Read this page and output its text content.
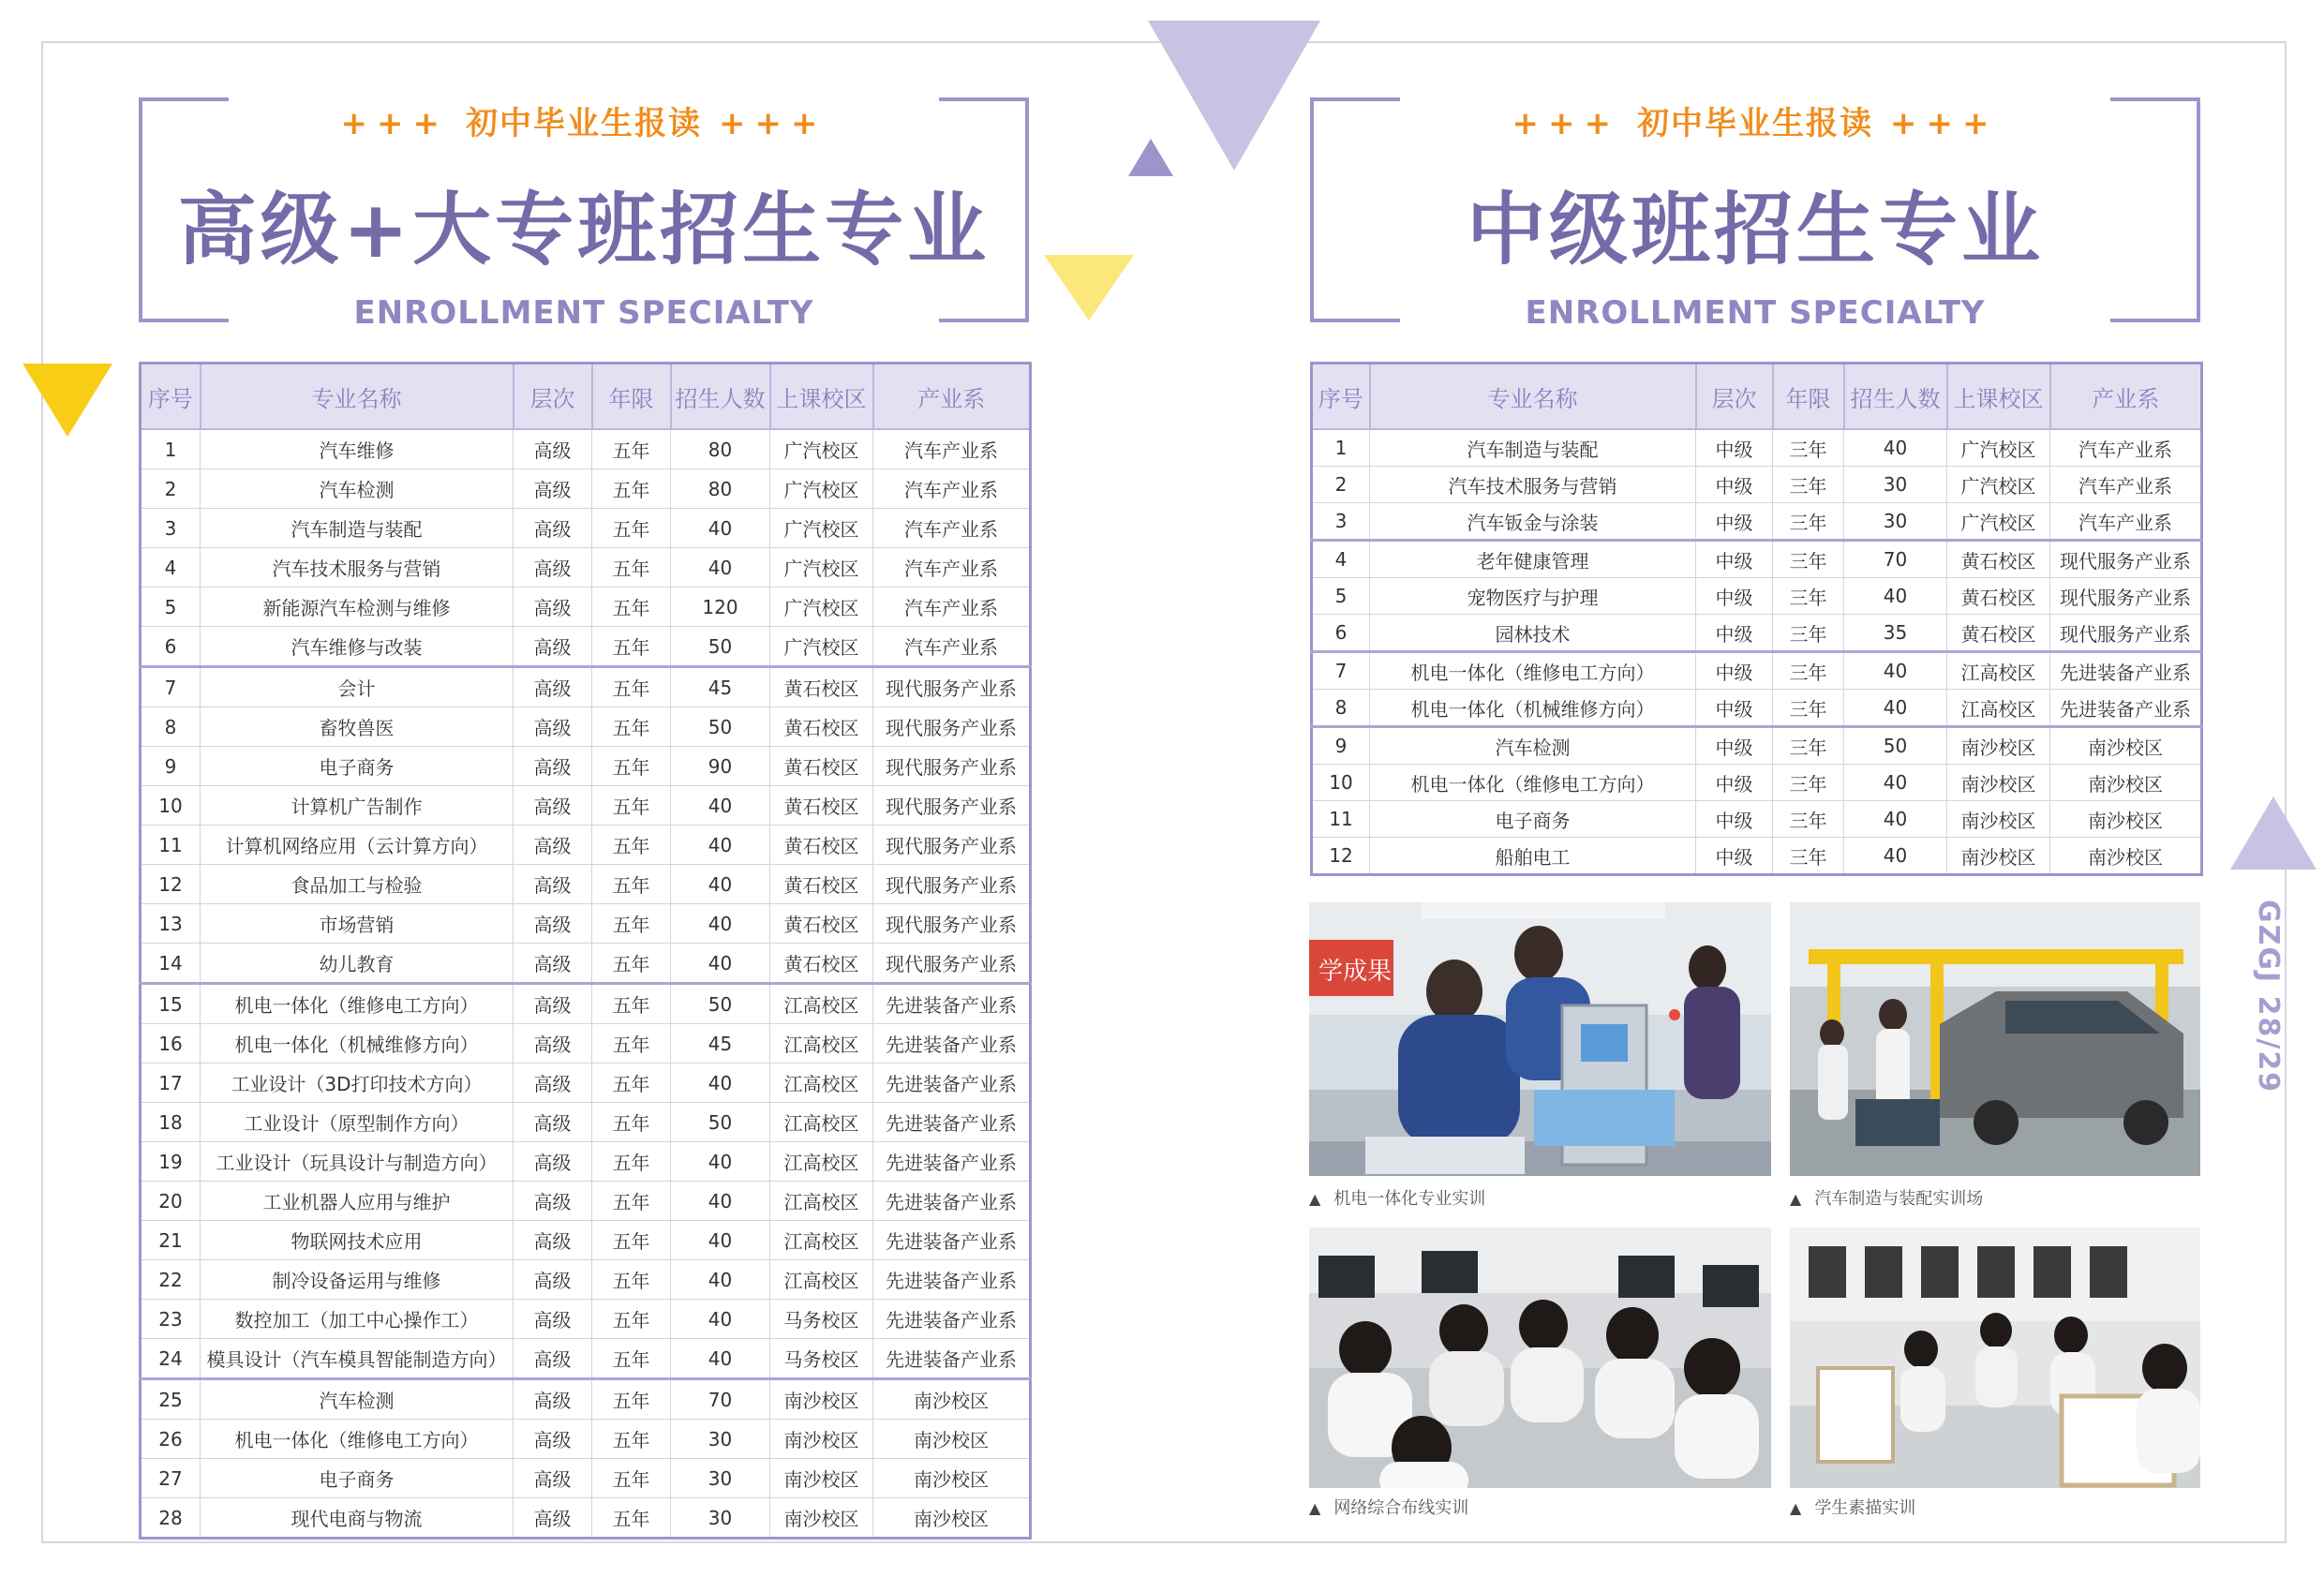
+++ 初中毕业生报读 +++
高级+大专班招生专业
ENROLLMENT SPECIALTY
+++ 初中毕业生报读 +++
中级班招生专业
ENROLLMENT SPECIALTY
序号	专业名称	层次	年限	招生人数	上课校区	产业系
1	汽车维修	高级	五年	80	广汽校区	汽车产业系
2	汽车检测	高级	五年	80	广汽校区	汽车产业系
3	汽车制造与装配	高级	五年	40	广汽校区	汽车产业系
4	汽车技术服务与营销	高级	五年	40	广汽校区	汽车产业系
5	新能源汽车检测与维修	高级	五年	120	广汽校区	汽车产业系
6	汽车维修与改装	高级	五年	50	广汽校区	汽车产业系
7	会计	高级	五年	45	黄石校区	现代服务产业系
8	畜牧兽医	高级	五年	50	黄石校区	现代服务产业系
9	电子商务	高级	五年	90	黄石校区	现代服务产业系
10	计算机广告制作	高级	五年	40	黄石校区	现代服务产业系
11	计算机网络应用（云计算方向）	高级	五年	40	黄石校区	现代服务产业系
12	食品加工与检验	高级	五年	40	黄石校区	现代服务产业系
13	市场营销	高级	五年	40	黄石校区	现代服务产业系
14	幼儿教育	高级	五年	40	黄石校区	现代服务产业系
15	机电一体化（维修电工方向）	高级	五年	50	江高校区	先进装备产业系
16	机电一体化（机械维修方向）	高级	五年	45	江高校区	先进装备产业系
17	工业设计（3D打印技术方向）	高级	五年	40	江高校区	先进装备产业系
18	工业设计（原型制作方向）	高级	五年	50	江高校区	先进装备产业系
19	工业设计（玩具设计与制造方向）	高级	五年	40	江高校区	先进装备产业系
20	工业机器人应用与维护	高级	五年	40	江高校区	先进装备产业系
21	物联网技术应用	高级	五年	40	江高校区	先进装备产业系
22	制冷设备运用与维修	高级	五年	40	江高校区	先进装备产业系
23	数控加工（加工中心操作工）	高级	五年	40	马务校区	先进装备产业系
24	模具设计（汽车模具智能制造方向）	高级	五年	40	马务校区	先进装备产业系
25	汽车检测	高级	五年	70	南沙校区	南沙校区
26	机电一体化（维修电工方向）	高级	五年	30	南沙校区	南沙校区
27	电子商务	高级	五年	30	南沙校区	南沙校区
28	现代电商与物流	高级	五年	30	南沙校区	南沙校区
序号	专业名称	层次	年限	招生人数	上课校区	产业系
1	汽车制造与装配	中级	三年	40	广汽校区	汽车产业系
2	汽车技术服务与营销	中级	三年	30	广汽校区	汽车产业系
3	汽车钣金与涂装	中级	三年	30	广汽校区	汽车产业系
4	老年健康管理	中级	三年	70	黄石校区	现代服务产业系
5	宠物医疗与护理	中级	三年	40	黄石校区	现代服务产业系
6	园林技术	中级	三年	35	黄石校区	现代服务产业系
7	机电一体化（维修电工方向）	中级	三年	40	江高校区	先进装备产业系
8	机电一体化（机械维修方向）	中级	三年	40	江高校区	先进装备产业系
9	汽车检测	中级	三年	50	南沙校区	南沙校区
10	机电一体化（维修电工方向）	中级	三年	40	南沙校区	南沙校区
11	电子商务	中级	三年	40	南沙校区	南沙校区
12	船舶电工	中级	三年	40	南沙校区	南沙校区
学成果
▲ 机电一体化专业实训	▲ 汽车制造与装配实训场
▲ 网络综合布线实训	▲ 学生素描实训
GZGJ 28/29
